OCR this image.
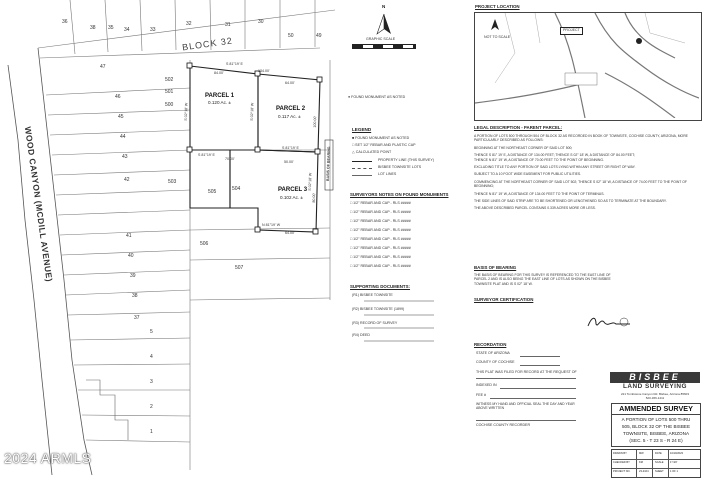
BLOCK 32
WOOD CANYON (MCDILL AVENUE)
36
34	33
32	31
38 35
30
50	49
47
46
45
44
43
42
41
40
39
38
37
5
4
3
2
1
502
501
500
503
504
505
506
507
PARCEL 1
0.120 Ac. ±
PARCEL 2
0.117 Ac. ±
PARCEL 3
0.102 Ac. ±
S 81°19' E
134.00'
84.00'
64.00'
S 02°18' W
S 81°19' E
70.00'
S 02°18' W
N 81°19' W
50.00'
S 81°19' E
64.00'
S 02°18' W
100.00'
80.00'
BASIS OF BEARING
N
GRAPHIC SCALE
● FOUND MONUMENT AS NOTED
LEGEND
■ FOUND MONUMENT AS NOTED
□ SET 1/2" REBAR AND PLASTIC CAP
△ CALCULATED POINT
PROPERTY LINE (THIS SURVEY)
BISBEE TOWNSITE LOTS
LOT LINES
SURVEYORS NOTES ON FOUND MONUMENTS
□ 1/2" REBAR AND CAP - RLS #####
□ 1/2" REBAR AND CAP - RLS #####
□ 1/2" REBAR AND CAP - RLS #####
□ 1/2" REBAR AND CAP - RLS #####
□ 1/2" REBAR AND CAP - RLS #####
□ 1/2" REBAR AND CAP - RLS #####
□ 1/2" REBAR AND CAP - RLS #####
□ 1/2" REBAR AND CAP - RLS #####
SUPPORTING DOCUMENTS:
(R1) BISBEE TOWNSITE
(R2) BISBEE TOWNSITE (1899)
(R3) RECORD OF SURVEY
(R4) DEED
PROJECT LOCATION
PROJECT
NOT TO SCALE
LEGAL DESCRIPTION - PARENT PARCEL:
A PORTION OF LOTS 500 THROUGH 504 OF BLOCK 32 AS RECORDED IN BOOK OF TOWNSITE, COCHISE COUNTY, ARIZONA, MORE PARTICULARLY DESCRIBED AS FOLLOWS:
BEGINNING AT THE NORTHEAST CORNER OF SAID LOT 500;
THENCE S 81° 19' E, A DISTANCE OF 134.00 FEET; THENCE S 02° 18' W, A DISTANCE OF 84.00 FEET; THENCE N 81° 19' W, A DISTANCE OF 70.00 FEET TO THE POINT OF BEGINNING.
EXCLUDING TITLE TO ANY PORTION OF SAID LOTS LYING WITHIN ANY STREET OR RIGHT OF WAY.
SUBJECT TO A 10 FOOT WIDE EASEMENT FOR PUBLIC UTILITIES.
COMMENCING AT THE NORTHEAST CORNER OF SAID LOT 502; THENCE S 02° 18' W, A DISTANCE OF 74.00 FEET TO THE POINT OF BEGINNING;
THENCE N 81° 19' W, A DISTANCE OF 134.00 FEET TO THE POINT OF TERMINUS.
THE SIDE LINES OF SAID STRIP ARE TO BE SHORTENED OR LENGTHENED SO AS TO TERMINATE AT THE BOUNDARY.
THE ABOVE DESCRIBED PARCEL CONTAINS 0.339 ACRES MORE OR LESS.
BASIS OF BEARING
THE BASIS OF BEARING FOR THIS SURVEY IS REFERENCED TO THE EAST LINE OF PARCEL 2 AND IS ALSO BEING THE EAST LINE OF LOTS AS SHOWN ON THE BISBEE TOWNSITE PLAT AND IS S 02° 18' W.
SURVEYOR CERTIFICATION
RECORDATION
STATE OF ARIZONA
COUNTY OF COCHISE
THIS PLAT WAS FILED FOR RECORD AT THE REQUEST OF
INDEXED IN
FEE #
WITNESS MY HAND AND OFFICIAL SEAL THE DAY AND YEAR ABOVE WRITTEN
COCHISE COUNTY RECORDER
BISBEE
LAND SURVEYING
221 Tombstone Canyon Rd. Bisbee, Arizona 85603
520-366-1211
AMMENDED SURVEY
A PORTION OF LOTS 500 THRU
505, BLOCK 32 OF THE BISBEE
TOWNSITE, BISBEE, ARIZONA
(SEC. 5 - T 23 S - R 24 E)
DRAWN BY	MW	DATE	10/10/2023
CHECKED BY	KM	SCALE 1"=20'
PROJECT NO.	23-2104 SHEET 1 OF 1
2024 ARMLS
